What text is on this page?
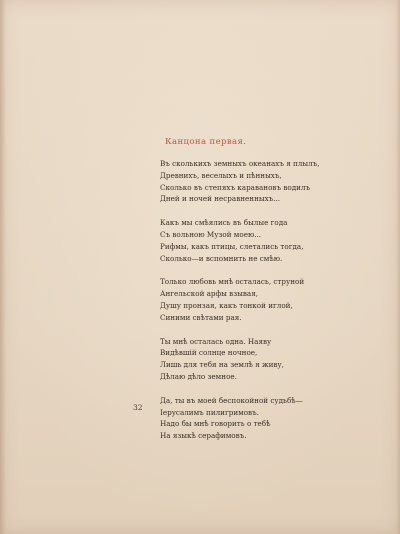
Канцона первая.
Въ сколькихъ земныхъ океанахъ я плылъ,
Древнихъ, веселыхъ и пѣнныхъ,
Сколько въ степяхъ каравановъ водилъ
Дней и ночей несравненныхъ...
Какъ мы смѣялись въ былые года
Съ вольною Музой моею...
Рифмы, какъ птицы, слетались тогда,
Сколько—и вспомнить не смѣю.
Только любовь мнѣ осталась, струной
Ангельской арфы взывая,
Душу пронзая, какъ тонкой иглой,
Синими свѣтами рая.
Ты мнѣ осталась одна. Наяву
Видѣвшій солнце ночное,
Лишь для тебя на землѣ я живу,
Дѣлаю дѣло земное.
Да, ты въ моей беспокойной судьбѣ—
Іерусалимъ пилигримовъ.
Надо бы мнѣ говорить о тебѣ
На языкѣ серафимовъ.
32
